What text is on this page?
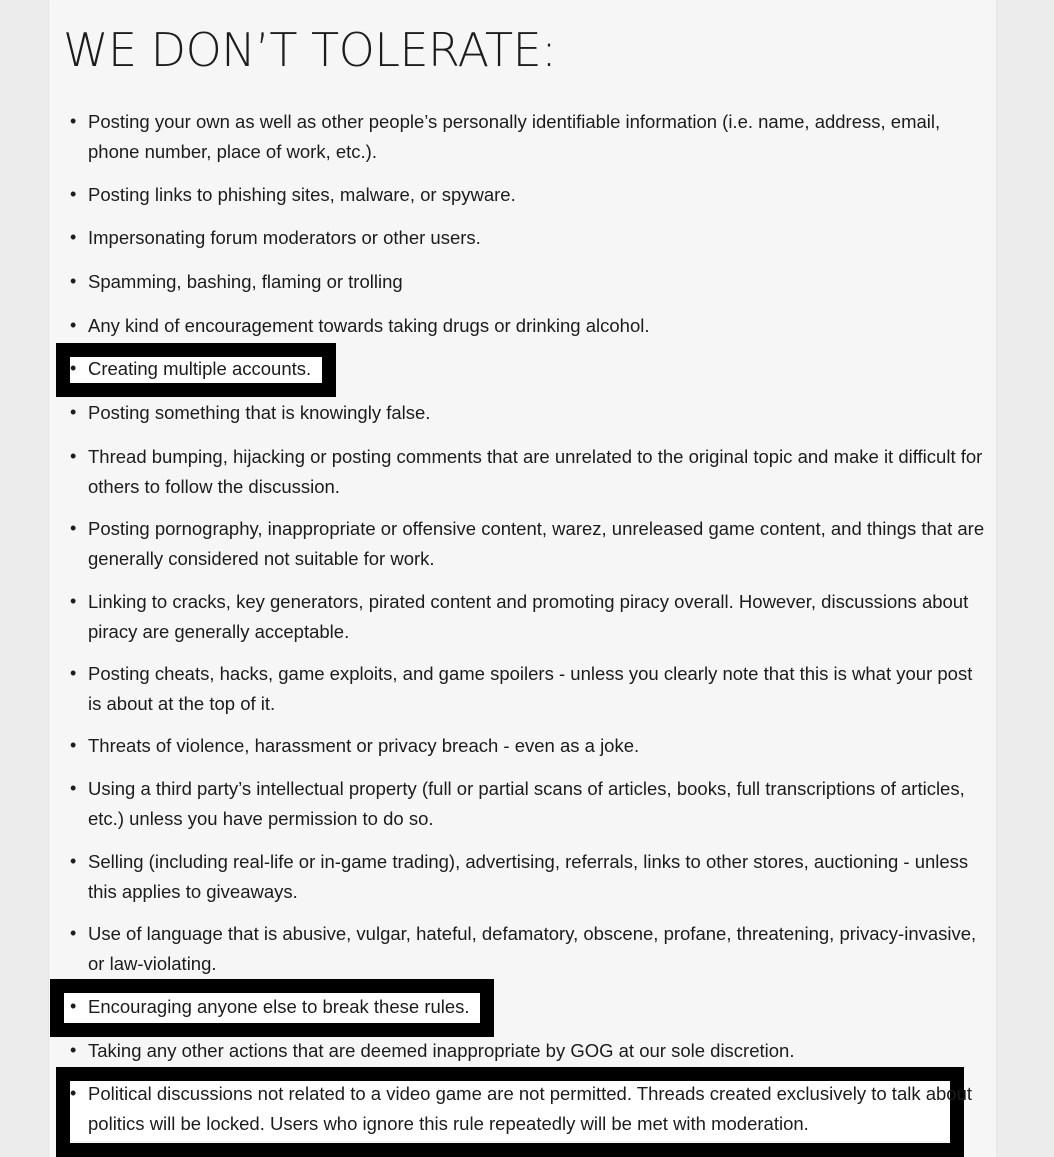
WE DON’T TOLERATE:
• Posting your own as well as other people’s personally identifiable information (i.e. name, address, email, phone number, place of work, etc.).
• Posting links to phishing sites, malware, or spyware.
• Impersonating forum moderators or other users.
• Spamming, bashing, flaming or trolling
• Any kind of encouragement towards taking drugs or drinking alcohol.
• Creating multiple accounts.
• Posting something that is knowingly false.
• Thread bumping, hijacking or posting comments that are unrelated to the original topic and make it difficult for others to follow the discussion.
• Posting pornography, inappropriate or offensive content, warez, unreleased game content, and things that are generally considered not suitable for work.
• Linking to cracks, key generators, pirated content and promoting piracy overall. However, discussions about piracy are generally acceptable.
• Posting cheats, hacks, game exploits, and game spoilers - unless you clearly note that this is what your post is about at the top of it.
• Threats of violence, harassment or privacy breach - even as a joke.
• Using a third party’s intellectual property (full or partial scans of articles, books, full transcriptions of articles, etc.) unless you have permission to do so.
• Selling (including real-life or in-game trading), advertising, referrals, links to other stores, auctioning - unless this applies to giveaways.
• Use of language that is abusive, vulgar, hateful, defamatory, obscene, profane, threatening, privacy-invasive, or law-violating.
• Encouraging anyone else to break these rules.
• Taking any other actions that are deemed inappropriate by GOG at our sole discretion.
• Political discussions not related to a video game are not permitted. Threads created exclusively to talk about politics will be locked. Users who ignore this rule repeatedly will be met with moderation.
